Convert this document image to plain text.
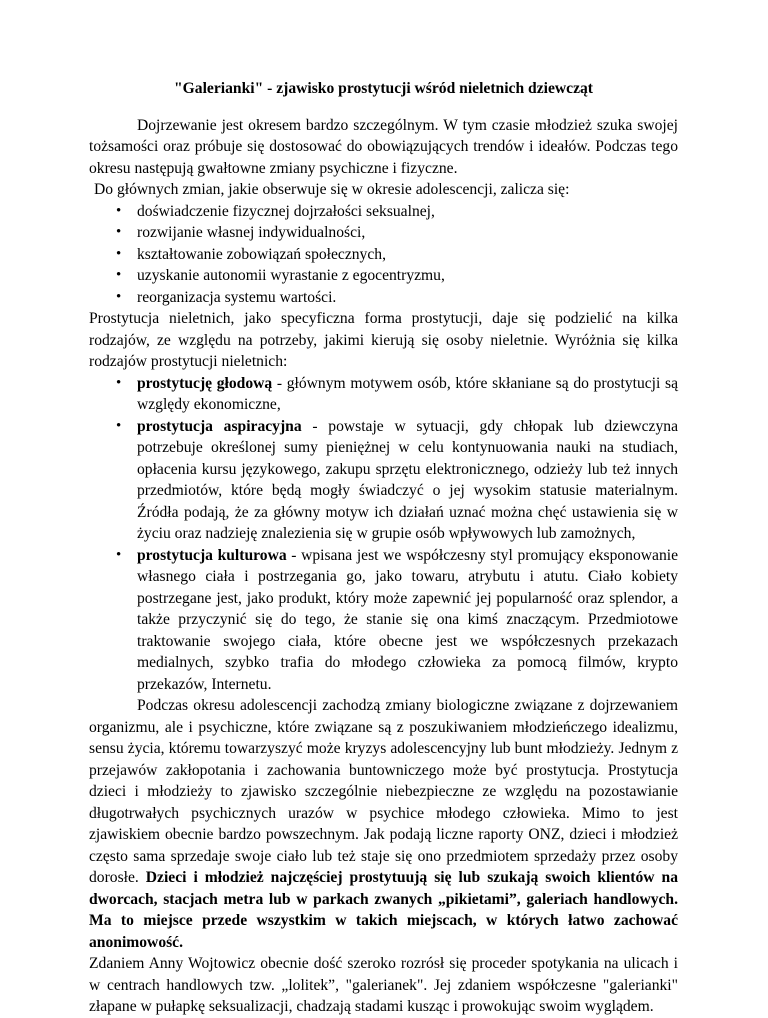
"Galerianki" - zjawisko prostytucji wśród nieletnich dziewcząt

Dojrzewanie jest okresem bardzo szczególnym. W tym czasie młodzież szuka swojej tożsamości oraz próbuje się dostosować do obowiązujących trendów i ideałów. Podczas tego okresu następują gwałtowne zmiany psychiczne i fizyczne.

Do głównych zmian, jakie obserwuje się w okresie adolescencji, zalicza się:

• doświadczenie fizycznej dojrzałości seksualnej,
• rozwijanie własnej indywidualności,
• kształtowanie zobowiązań społecznych,
• uzyskanie autonomii wyrastanie z egocentryzmu,
• reorganizacja systemu wartości.

Prostytucja nieletnich, jako specyficzna forma prostytucji, daje się podzielić na kilka rodzajów, ze względu na potrzeby, jakimi kierują się osoby nieletnie. Wyróżnia się kilka rodzajów prostytucji nieletnich:

• prostytucję głodową - głównym motywem osób, które skłaniane są do prostytucji są względy ekonomiczne,
• prostytucja aspiracyjna - powstaje w sytuacji, gdy chłopak lub dziewczyna potrzebuje określonej sumy pieniężnej w celu kontynuowania nauki na studiach, opłacenia kursu językowego, zakupu sprzętu elektronicznego, odzieży lub też innych przedmiotów, które będą mogły świadczyć o jej wysokim statusie materialnym. Źródła podają, że za główny motyw ich działań uznać można chęć ustawienia się w życiu oraz nadzieję znalezienia się w grupie osób wpływowych lub zamożnych,
• prostytucja kulturowa - wpisana jest we współczesny styl promujący eksponowanie własnego ciała i postrzegania go, jako towaru, atrybutu i atutu. Ciało kobiety postrzegane jest, jako produkt, który może zapewnić jej popularność oraz splendor, a także przyczynić się do tego, że stanie się ona kimś znaczącym. Przedmiotowe traktowanie swojego ciała, które obecne jest we współczesnych przekazach medialnych, szybko trafia do młodego człowieka za pomocą filmów, krypto przekazów, Internetu.

Podczas okresu adolescencji zachodzą zmiany biologiczne związane z dojrzewaniem organizmu, ale i psychiczne, które związane są z poszukiwaniem młodzieńczego idealizmu, sensu życia, któremu towarzyszyć może kryzys adolescencyjny lub bunt młodzieży. Jednym z przejawów zakłopotania i zachowania buntowniczego może być prostytucja. Prostytucja dzieci i młodzieży to zjawisko szczególnie niebezpieczne ze względu na pozostawianie długotrwałych psychicznych urazów w psychice młodego człowieka. Mimo to jest zjawiskiem obecnie bardzo powszechnym. Jak podają liczne raporty ONZ, dzieci i młodzież często sama sprzedaje swoje ciało lub też staje się ono przedmiotem sprzedaży przez osoby dorosłe. Dzieci i młodzież najczęściej prostytuują się lub szukają swoich klientów na dworcach, stacjach metra lub w parkach zwanych „pikietami”, galeriach handlowych. Ma to miejsce przede wszystkim w takich miejscach, w których łatwo zachować anonimowość.

Zdaniem Anny Wojtowicz obecnie dość szeroko rozrósł się proceder spotykania na ulicach i w centrach handlowych tzw. „lolitek”, "galerianek". Jej zdaniem współczesne "galerianki" złapane w pułapkę seksualizacji, chadzają stadami kusząc i prowokując swoim wyglądem.
